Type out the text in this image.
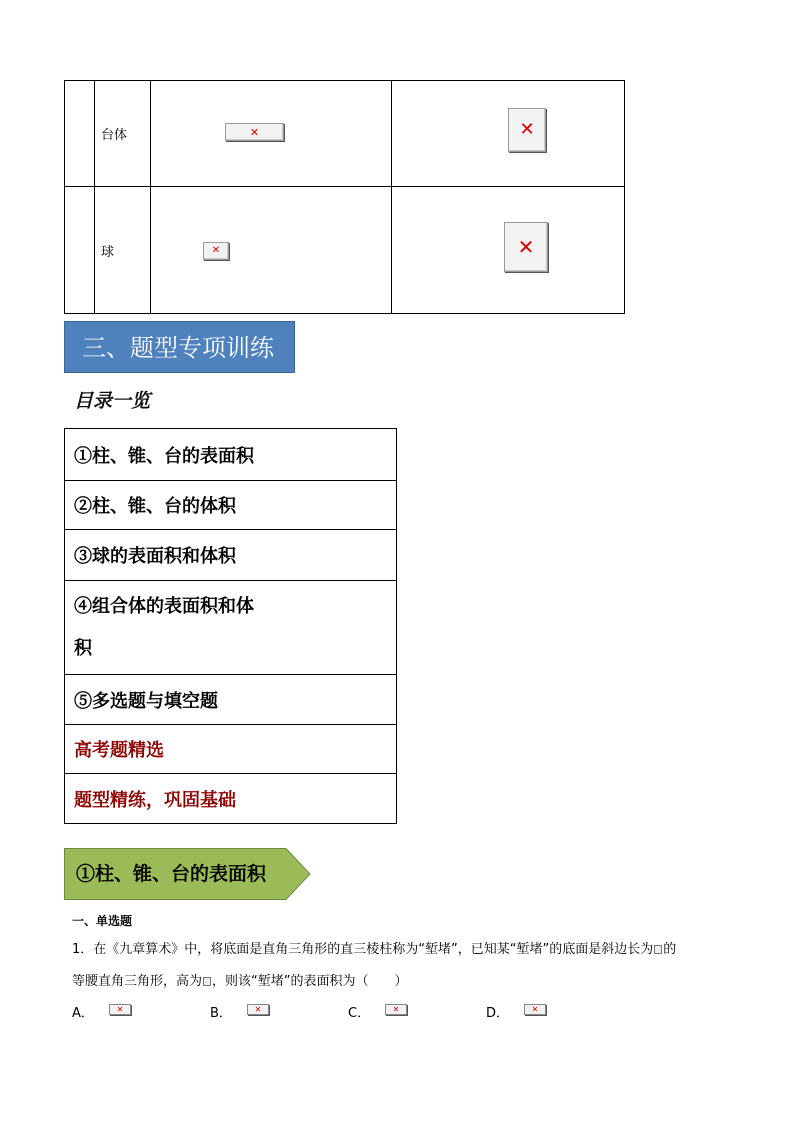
	台体	✕	✕

	球	✕	✕
三、题型专项训练
目录一览
①柱、锥、台的表面积
②柱、锥、台的体积
③球的表面积和体积
④组合体的表面积和体
积
⑤多选题与填空题
高考题精选
题型精练，巩固基础
①柱、锥、台的表面积
一、单选题
1．在《九章算术》中，将底面是直角三角形的直三棱柱称为“堑堵”，已知某“堑堵”的底面是斜边长为 的
等腰直角三角形，高为 ，则该“堑堵”的表面积为（　　）
A．	✕	B．	✕	C．	✕	D．	✕
